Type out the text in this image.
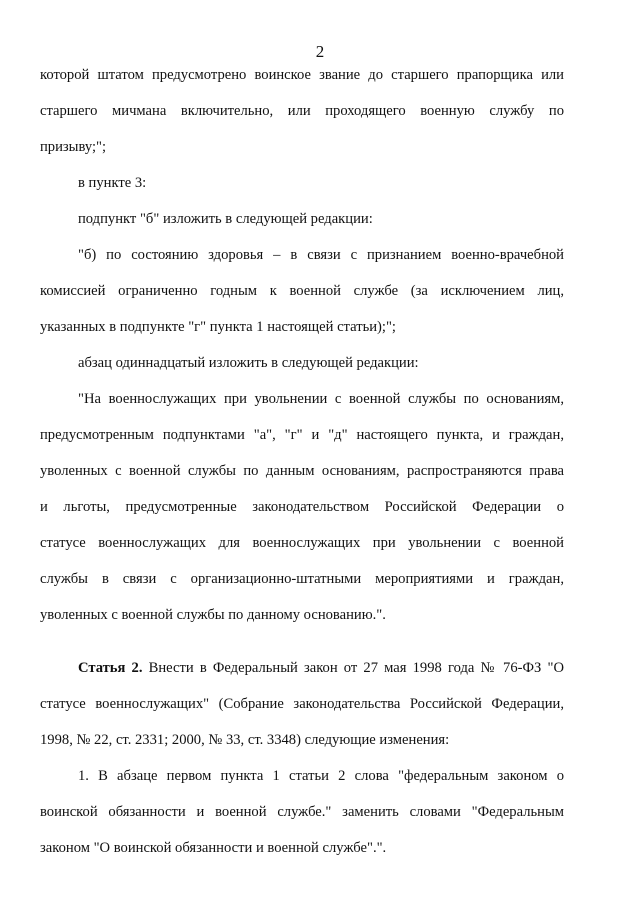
2
которой штатом предусмотрено воинское звание до старшего прапорщика или
старшего мичмана включительно, или проходящего военную службу по
призыву;";
в пункте 3:
подпункт "б" изложить в следующей редакции:
"б) по состоянию здоровья – в связи с признанием военно-врачебной
комиссией ограниченно годным к военной службе (за исключением лиц,
указанных в подпункте "г" пункта 1 настоящей статьи);";
абзац одиннадцатый изложить в следующей редакции:
"На военнослужащих при увольнении с военной службы по основаниям,
предусмотренным подпунктами "а", "г" и "д" настоящего пункта, и граждан,
уволенных с военной службы по данным основаниям, распространяются права
и льготы, предусмотренные законодательством Российской Федерации о
статусе военнослужащих для военнослужащих при увольнении с военной
службы в связи с организационно-штатными мероприятиями и граждан,
уволенных с военной службы по данному основанию.".
Статья 2. Внести в Федеральный закон от 27 мая 1998 года № 76-ФЗ "О
статусе военнослужащих" (Собрание законодательства Российской Федерации,
1998, № 22, ст. 2331; 2000, № 33, ст. 3348) следующие изменения:
1. В абзаце первом пункта 1 статьи 2 слова "федеральным законом о
воинской обязанности и военной службе." заменить словами "Федеральным
законом "О воинской обязанности и военной службе".".
